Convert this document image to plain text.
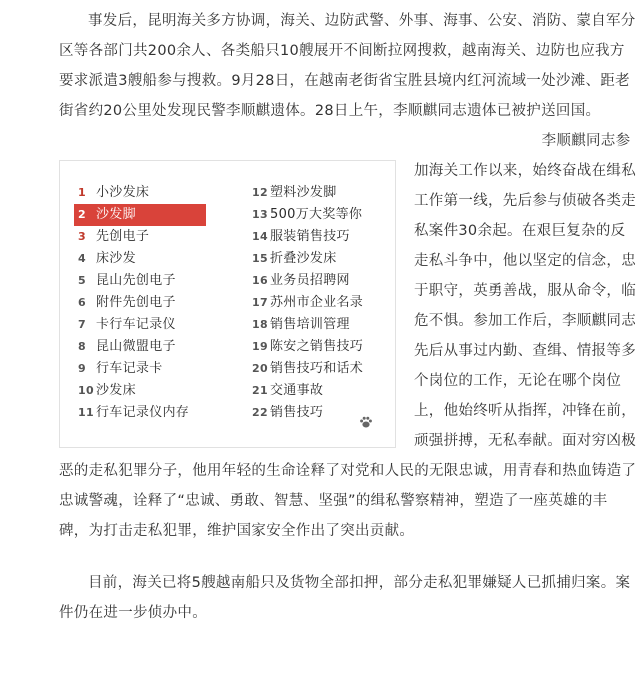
事发后，昆明海关多方协调，海关、边防武警、外事、海事、公安、消防、蒙自军分区等各部门共200余人、各类船只10艘展开不间断拉网搜救，越南海关、边防也应我方要求派遣3艘船参与搜救。9月28日，在越南老街省宝胜县境内红河流域一处沙滩、距老街省约20公里处发现民警李顺麒遗体。28日上午，李顺麒同志遗体已被护送回国。

1 小沙发床
2 沙发脚
3 先创电子
4 床沙发
5 昆山先创电子
6 附件先创电子
7 卡行车记录仪
8 昆山微盟电子
9 行车记录卡
10 沙发床
11 行车记录仪内存
12 塑料沙发脚
13 500万大奖等你
14 服装销售技巧
15 折叠沙发床
16 业务员招聘网
17 苏州市企业名录
18 销售培训管理
19 陈安之销售技巧
20 销售技巧和话术
21 交通事故
22 销售技巧

李顺麒同志参加海关工作以来，始终奋战在缉私工作第一线，先后参与侦破各类走私案件30余起。在艰巨复杂的反走私斗争中，他以坚定的信念，忠于职守，英勇善战，服从命令，临危不惧。参加工作后，李顺麒同志先后从事过内勤、查缉、情报等多个岗位的工作，无论在哪个岗位上，他始终听从指挥，冲锋在前，顽强拼搏，无私奉献。面对穷凶极恶的走私犯罪分子，他用年轻的生命诠释了对党和人民的无限忠诚，用青春和热血铸造了忠诚警魂，诠释了“忠诚、勇敢、智慧、坚强”的缉私警察精神，塑造了一座英雄的丰碑，为打击走私犯罪，维护国家安全作出了突出贡献。

目前，海关已将5艘越南船只及货物全部扣押，部分走私犯罪嫌疑人已抓捕归案。案件仍在进一步侦办中。
